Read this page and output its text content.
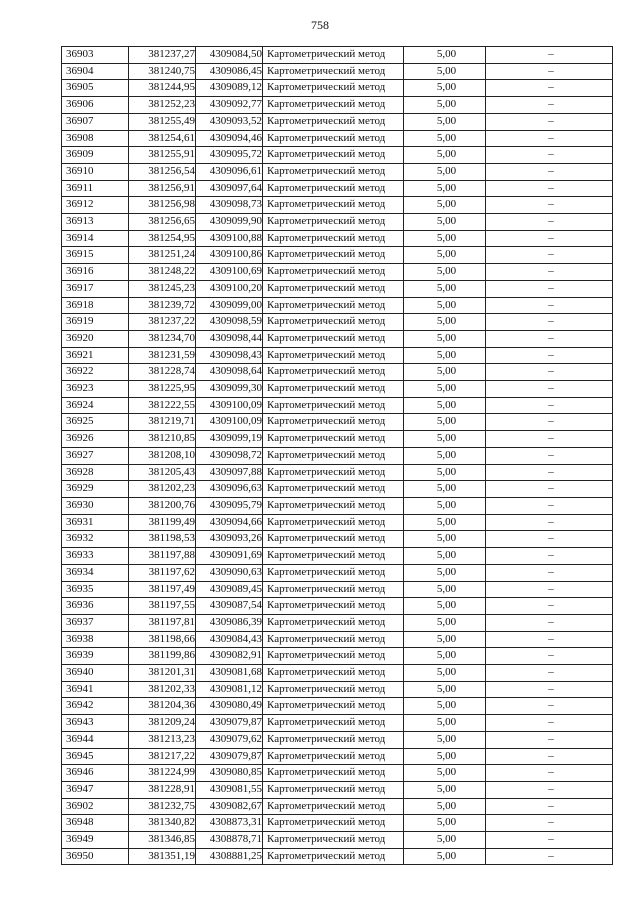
758
36903	381237,27	4309084,50	Картометрический метод	5,00	–
36904	381240,75	4309086,45	Картометрический метод	5,00	–
36905	381244,95	4309089,12	Картометрический метод	5,00	–
36906	381252,23	4309092,77	Картометрический метод	5,00	–
36907	381255,49	4309093,52	Картометрический метод	5,00	–
36908	381254,61	4309094,46	Картометрический метод	5,00	–
36909	381255,91	4309095,72	Картометрический метод	5,00	–
36910	381256,54	4309096,61	Картометрический метод	5,00	–
36911	381256,91	4309097,64	Картометрический метод	5,00	–
36912	381256,98	4309098,73	Картометрический метод	5,00	–
36913	381256,65	4309099,90	Картометрический метод	5,00	–
36914	381254,95	4309100,88	Картометрический метод	5,00	–
36915	381251,24	4309100,86	Картометрический метод	5,00	–
36916	381248,22	4309100,69	Картометрический метод	5,00	–
36917	381245,23	4309100,20	Картометрический метод	5,00	–
36918	381239,72	4309099,00	Картометрический метод	5,00	–
36919	381237,22	4309098,59	Картометрический метод	5,00	–
36920	381234,70	4309098,44	Картометрический метод	5,00	–
36921	381231,59	4309098,43	Картометрический метод	5,00	–
36922	381228,74	4309098,64	Картометрический метод	5,00	–
36923	381225,95	4309099,30	Картометрический метод	5,00	–
36924	381222,55	4309100,09	Картометрический метод	5,00	–
36925	381219,71	4309100,09	Картометрический метод	5,00	–
36926	381210,85	4309099,19	Картометрический метод	5,00	–
36927	381208,10	4309098,72	Картометрический метод	5,00	–
36928	381205,43	4309097,88	Картометрический метод	5,00	–
36929	381202,23	4309096,63	Картометрический метод	5,00	–
36930	381200,76	4309095,79	Картометрический метод	5,00	–
36931	381199,49	4309094,66	Картометрический метод	5,00	–
36932	381198,53	4309093,26	Картометрический метод	5,00	–
36933	381197,88	4309091,69	Картометрический метод	5,00	–
36934	381197,62	4309090,63	Картометрический метод	5,00	–
36935	381197,49	4309089,45	Картометрический метод	5,00	–
36936	381197,55	4309087,54	Картометрический метод	5,00	–
36937	381197,81	4309086,39	Картометрический метод	5,00	–
36938	381198,66	4309084,43	Картометрический метод	5,00	–
36939	381199,86	4309082,91	Картометрический метод	5,00	–
36940	381201,31	4309081,68	Картометрический метод	5,00	–
36941	381202,33	4309081,12	Картометрический метод	5,00	–
36942	381204,36	4309080,49	Картометрический метод	5,00	–
36943	381209,24	4309079,87	Картометрический метод	5,00	–
36944	381213,23	4309079,62	Картометрический метод	5,00	–
36945	381217,22	4309079,87	Картометрический метод	5,00	–
36946	381224,99	4309080,85	Картометрический метод	5,00	–
36947	381228,91	4309081,55	Картометрический метод	5,00	–
36902	381232,75	4309082,67	Картометрический метод	5,00	–
36948	381340,82	4308873,31	Картометрический метод	5,00	–
36949	381346,85	4308878,71	Картометрический метод	5,00	–
36950	381351,19	4308881,25	Картометрический метод	5,00	–
